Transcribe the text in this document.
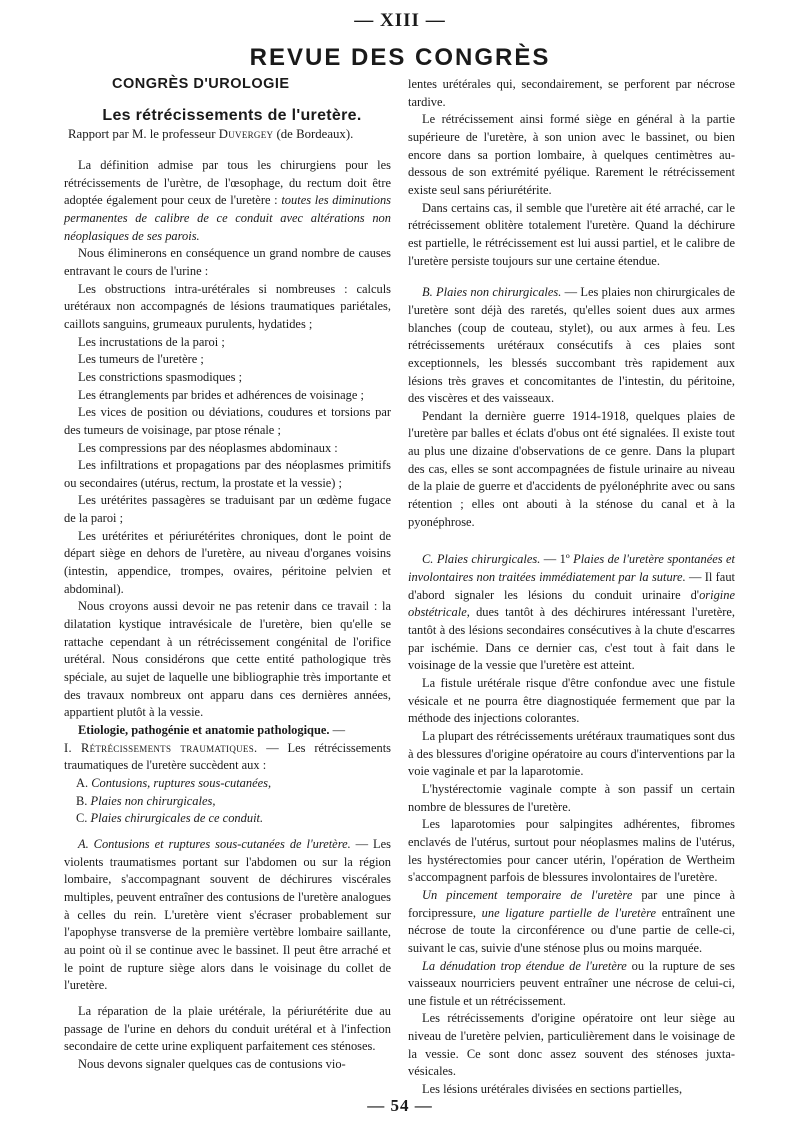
— XIII —
REVUE DES CONGRÈS
CONGRÈS D'UROLOGIE
Les rétrécissements de l'uretère.
Rapport par M. le professeur Duvergey (de Bordeaux).

La définition admise par tous les chirurgiens pour les rétrécissements de l'urètre, de l'œsophage, du rectum doit être adoptée également pour ceux de l'uretère : toutes les diminutions permanentes de calibre de ce conduit avec altérations non néoplasiques de ses parois.

Nous éliminerons en conséquence un grand nombre de causes entravant le cours de l'urine :

Les obstructions intra-urétérales si nombreuses : calculs urétéraux non accompagnés de lésions traumatiques pariétales, caillots sanguins, grumeaux purulents, hydatides ;

Les incrustations de la paroi ;

Les tumeurs de l'uretère ;

Les constrictions spasmodiques ;

Les étranglements par brides et adhérences de voisinage ;

Les vices de position ou déviations, coudures et torsions par des tumeurs de voisinage, par ptose rénale ;

Les compressions par des néoplasmes abdominaux :

Les infiltrations et propagations par des néoplasmes primitifs ou secondaires (utérus, rectum, la prostate et la vessie) ;

Les urétérites passagères se traduisant par un œdème fugace de la paroi ;

Les urétérites et périurétérites chroniques, dont le point de départ siège en dehors de l'uretère, au niveau d'organes voisins (intestin, appendice, trompes, ovaires, péritoine pelvien et abdominal).

Nous croyons aussi devoir ne pas retenir dans ce travail : la dilatation kystique intravésicale de l'uretère, bien qu'elle se rattache cependant à un rétrécissement congénital de l'orifice urétéral. Nous considérons que cette entité pathologique très spéciale, au sujet de laquelle une bibliographie très importante et des travaux nombreux ont apparu dans ces dernières années, appartient plutôt à la vessie.

Etiologie, pathogénie et anatomie pathologique. —

I. Rétrécissements traumatiques. — Les rétrécissements traumatiques de l'uretère succèdent aux :

A. Contusions, ruptures sous-cutanées,

B. Plaies non chirurgicales,

C. Plaies chirurgicales de ce conduit.

A. Contusions et ruptures sous-cutanées de l'uretère. — Les violents traumatismes portant sur l'abdomen ou sur la région lombaire, s'accompagnant souvent de déchirures viscérales multiples, peuvent entraîner des contusions de l'uretère analogues à celles du rein. L'uretère vient s'écraser probablement sur l'apophyse transverse de la première vertèbre lombaire saillante, au point où il se continue avec le bassinet. Il peut être arraché et le point de rupture siège alors dans le voisinage du collet de l'uretère.

La réparation de la plaie urétérale, la périurétérite due au passage de l'urine en dehors du conduit urétéral et à l'infection secondaire de cette urine expliquent parfaitement ces sténoses.

Nous devons signaler quelques cas de contusions vio-

lentes urétérales qui, secondairement, se perforent par nécrose tardive.

Le rétrécissement ainsi formé siège en général à la partie supérieure de l'uretère, à son union avec le bassinet, ou bien encore dans sa portion lombaire, à quelques centimètres au-dessous de son extrémité pyélique. Rarement le rétrécissement existe seul sans périurétérite.

Dans certains cas, il semble que l'uretère ait été arraché, car le rétrécissement oblitère totalement l'uretère. Quand la déchirure est partielle, le rétrécissement est lui aussi partiel, et le calibre de l'uretère persiste toujours sur une certaine étendue.

B. Plaies non chirurgicales. — Les plaies non chirurgicales de l'uretère sont déjà des raretés, qu'elles soient dues aux armes blanches (coup de couteau, stylet), ou aux armes à feu. Les rétrécissements urétéraux consécutifs à ces plaies sont exceptionnels, les blessés succombant très rapidement aux lésions très graves et concomitantes de l'intestin, du péritoine, des viscères et des vaisseaux.

Pendant la dernière guerre 1914-1918, quelques plaies de l'uretère par balles et éclats d'obus ont été signalées. Il existe tout au plus une dizaine d'observations de ce genre. Dans la plupart des cas, elles se sont accompagnées de fistule urinaire au niveau de la plaie de guerre et d'accidents de pyélonéphrite avec ou sans rétention ; elles ont abouti à la sténose du canal et à la pyonéphrose.

C. Plaies chirurgicales. — 1º Plaies de l'uretère spontanées et involontaires non traitées immédiatement par la suture. — Il faut d'abord signaler les lésions du conduit urinaire d'origine obstétricale, dues tantôt à des déchirures intéressant l'uretère, tantôt à des lésions secondaires consécutives à la chute d'escarres par ischémie. Dans ce dernier cas, c'est tout à fait dans le voisinage de la vessie que l'uretère est atteint.

La fistule urétérale risque d'être confondue avec une fistule vésicale et ne pourra être diagnostiquée fermement que par la méthode des injections colorantes.

La plupart des rétrécissements urétéraux traumatiques sont dus à des blessures d'origine opératoire au cours d'interventions par la voie vaginale et par la laparotomie.

L'hystérectomie vaginale compte à son passif un certain nombre de blessures de l'uretère.

Les laparotomies pour salpingites adhérentes, fibromes enclavés de l'utérus, surtout pour néoplasmes malins de l'utérus, les hystérectomies pour cancer utérin, l'opération de Wertheim s'accompagnent parfois de blessures involontaires de l'uretère.

Un pincement temporaire de l'uretère par une pince à forcipressure, une ligature partielle de l'uretère entraînent une nécrose de toute la circonférence ou d'une partie de celle-ci, suivant le cas, suivie d'une sténose plus ou moins marquée.

La dénudation trop étendue de l'uretère ou la rupture de ses vaisseaux nourriciers peuvent entraîner une nécrose de celui-ci, une fistule et un rétrécissement.

Les rétrécissements d'origine opératoire ont leur siège au niveau de l'uretère pelvien, particulièrement dans le voisinage de la vessie. Ce sont donc assez souvent des sténoses juxta-vésicales.

Les lésions urétérales divisées en sections partielles,

— 54 —
